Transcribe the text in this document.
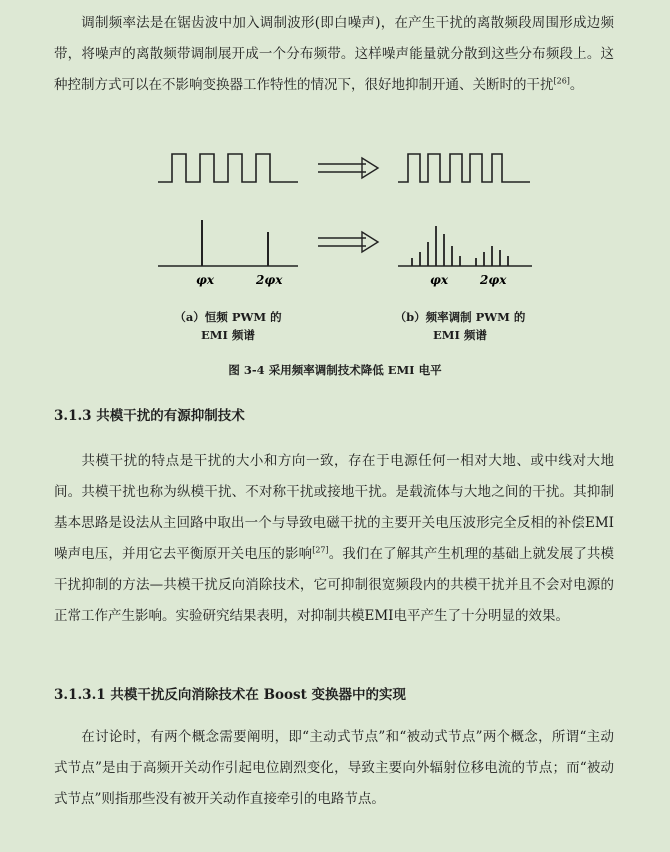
调制频率法是在锯齿波中加入调制波形(即白噪声)，在产生干扰的离散频段周围形成边频带，将噪声的离散频带调制展开成一个分布频带。这样噪声能量就分散到这些分布频段上。这种控制方式可以在不影响变换器工作特性的情况下，很好地抑制开通、关断时的干扰[26]。

φx	2φx	φx	2φx
（a）恒频 PWM 的
EMI 频谱
（b）频率调制 PWM 的
EMI 频谱
图 3-4 采用频率调制技术降低 EMI 电平
3.1.3 共模干扰的有源抑制技术

共模干扰的特点是干扰的大小和方向一致，存在于电源任何一相对大地、或中线对大地间。共模干扰也称为纵模干扰、不对称干扰或接地干扰。是载流体与大地之间的干扰。其抑制基本思路是设法从主回路中取出一个与导致电磁干扰的主要开关电压波形完全反相的补偿EMI噪声电压，并用它去平衡原开关电压的影响[27]。我们在了解其产生机理的基础上就发展了共模干扰抑制的方法—共模干扰反向消除技术，它可抑制很宽频段内的共模干扰并且不会对电源的正常工作产生影响。实验研究结果表明，对抑制共模EMI电平产生了十分明显的效果。

3.1.3.1 共模干扰反向消除技术在 Boost 变换器中的实现

在讨论时，有两个概念需要阐明，即“主动式节点”和“被动式节点”两个概念，所谓“主动式节点”是由于高频开关动作引起电位剧烈变化，导致主要向外辐射位移电流的节点；而“被动式节点”则指那些没有被开关动作直接牵引的电路节点。
